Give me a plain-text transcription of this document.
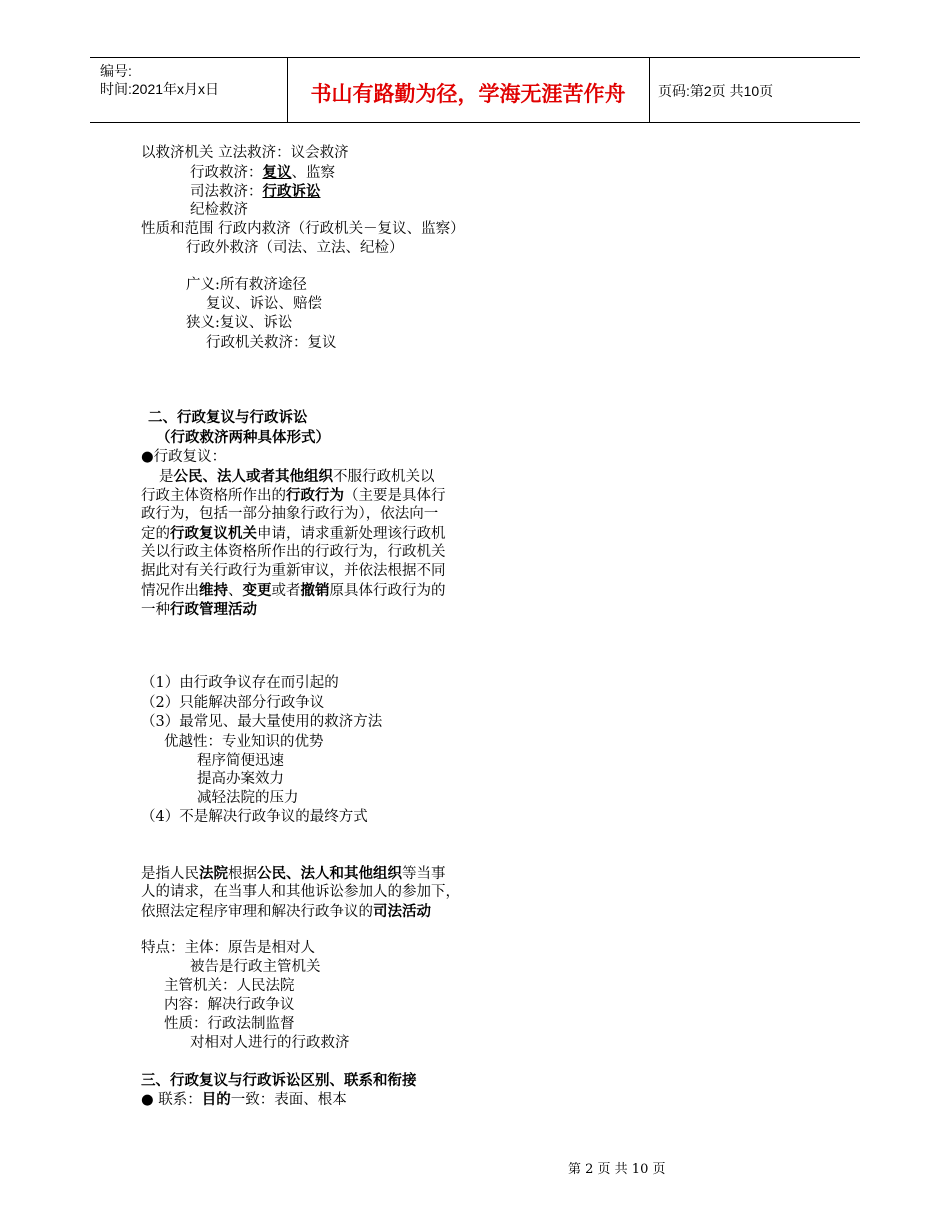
编号:
时间:2021年x月x日	书山有路勤为径，学海无涯苦作舟	页码:第2页 共10页
以救济机关 立法救济：议会救济
行政救济：复议、监察
司法救济：行政诉讼
纪检救济
性质和范围 行政内救济（行政机关－复议、监察）
行政外救济（司法、立法、纪检）
广义:所有救济途径
复议、诉讼、赔偿
狭义:复议、诉讼
行政机关救济：复议
二、行政复议与行政诉讼
（行政救济两种具体形式）
●行政复议：
是公民、法人或者其他组织不服行政机关以
行政主体资格所作出的行政行为（主要是具体行
政行为，包括一部分抽象行政行为），依法向一
定的行政复议机关申请，请求重新处理该行政机
关以行政主体资格所作出的行政行为，行政机关
据此对有关行政行为重新审议，并依法根据不同
情况作出维持、变更或者撤销原具体行政行为的
一种行政管理活动
（1）由行政争议存在而引起的
（2）只能解决部分行政争议
（3）最常见、最大量使用的救济方法
优越性：专业知识的优势
程序简便迅速
提高办案效力
减轻法院的压力
（4）不是解决行政争议的最终方式
是指人民法院根据公民、法人和其他组织等当事
人的请求，在当事人和其他诉讼参加人的参加下，
依照法定程序审理和解决行政争议的司法活动
特点：主体：原告是相对人
被告是行政主管机关
主管机关：人民法院
内容：解决行政争议
性质：行政法制监督
对相对人进行的行政救济
三、行政复议与行政诉讼区别、联系和衔接
● 联系：目的一致：表面、根本
第 2 页 共 10 页
